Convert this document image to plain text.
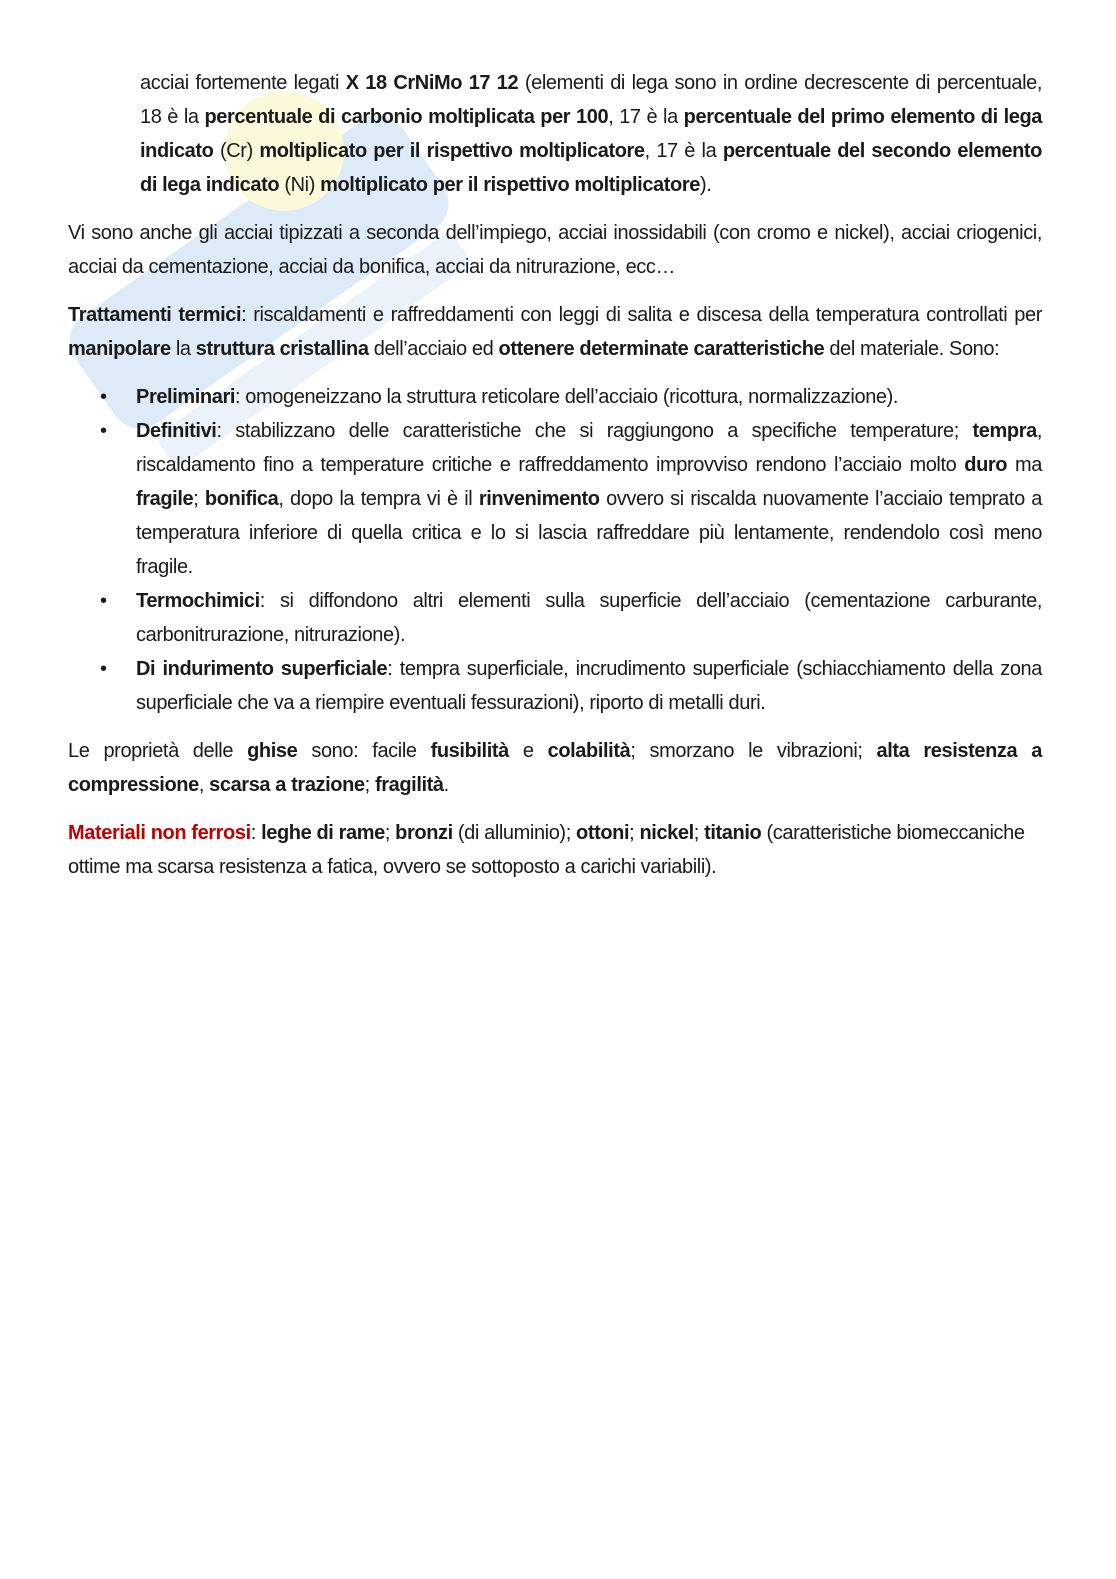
acciai fortemente legati X 18 CrNiMo 17 12 (elementi di lega sono in ordine decrescente di percentuale, 18 è la percentuale di carbonio moltiplicata per 100, 17 è la percentuale del primo elemento di lega indicato (Cr) moltiplicato per il rispettivo moltiplicatore, 17 è la percentuale del secondo elemento di lega indicato (Ni) moltiplicato per il rispettivo moltiplicatore).

Vi sono anche gli acciai tipizzati a seconda dell’impiego, acciai inossidabili (con cromo e nickel), acciai criogenici, acciai da cementazione, acciai da bonifica, acciai da nitrurazione, ecc…

Trattamenti termici: riscaldamenti e raffreddamenti con leggi di salita e discesa della temperatura controllati per manipolare la struttura cristallina dell’acciaio ed ottenere determinate caratteristiche del materiale. Sono:

• Preliminari: omogeneizzano la struttura reticolare dell’acciaio (ricottura, normalizzazione).
• Definitivi: stabilizzano delle caratteristiche che si raggiungono a specifiche temperature; tempra, riscaldamento fino a temperature critiche e raffreddamento improvviso rendono l’acciaio molto duro ma fragile; bonifica, dopo la tempra vi è il rinvenimento ovvero si riscalda nuovamente l’acciaio temprato a temperatura inferiore di quella critica e lo si lascia raffreddare più lentamente, rendendolo così meno fragile.
• Termochimici: si diffondono altri elementi sulla superficie dell’acciaio (cementazione carburante, carbonitrurazione, nitrurazione).
• Di indurimento superficiale: tempra superficiale, incrudimento superficiale (schiacchiamento della zona superficiale che va a riempire eventuali fessurazioni), riporto di metalli duri.

Le proprietà delle ghise sono: facile fusibilità e colabilità; smorzano le vibrazioni; alta resistenza a compressione, scarsa a trazione; fragilità.

Materiali non ferrosi: leghe di rame; bronzi (di alluminio); ottoni; nickel; titanio (caratteristiche biomeccaniche ottime ma scarsa resistenza a fatica, ovvero se sottoposto a carichi variabili).
